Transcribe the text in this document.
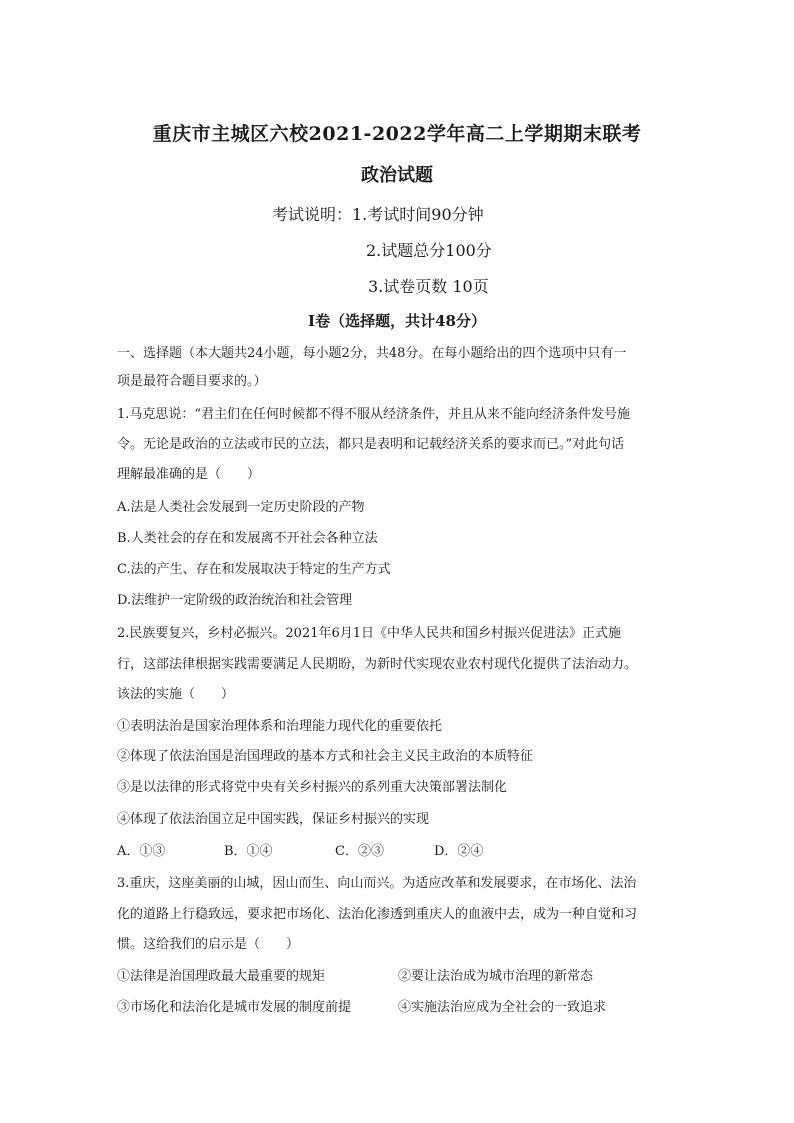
重庆市主城区六校2021-2022学年高二上学期期末联考
政治试题
考试说明：1.考试时间90分钟
2.试题总分100分
3.试卷页数 10页
Ⅰ卷（选择题，共计48分）
一、选择题（本大题共24小题，每小题2分，共48分。在每小题给出的四个选项中只有一
项是最符合题目要求的。）
1.马克思说：“君主们在任何时候都不得不服从经济条件，并且从来不能向经济条件发号施
令。无论是政治的立法或市民的立法，都只是表明和记载经济关系的要求而已。”对此句话
理解最准确的是（　　）
A.法是人类社会发展到一定历史阶段的产物
B.人类社会的存在和发展离不开社会各种立法
C.法的产生、存在和发展取决于特定的生产方式
D.法维护一定阶级的政治统治和社会管理
2.民族要复兴，乡村必振兴。2021年6月1日《中华人民共和国乡村振兴促进法》正式施
行，这部法律根据实践需要满足人民期盼，为新时代实现农业农村现代化提供了法治动力。
该法的实施（　　）
①表明法治是国家治理体系和治理能力现代化的重要依托
②体现了依法治国是治国理政的基本方式和社会主义民主政治的本质特征
③是以法律的形式将党中央有关乡村振兴的系列重大决策部署法制化
④体现了依法治国立足中国实践，保证乡村振兴的实现
A．①③	B．①④	C．②③	D．②④
3.重庆，这座美丽的山城，因山而生、向山而兴。为适应改革和发展要求，在市场化、法治
化的道路上行稳致远，要求把市场化、法治化渗透到重庆人的血液中去，成为一种自觉和习
惯。这给我们的启示是（　　）
①法律是治国理政最大最重要的规矩	②要让法治成为城市治理的新常态
③市场化和法治化是城市发展的制度前提	④实施法治应成为全社会的一致追求
